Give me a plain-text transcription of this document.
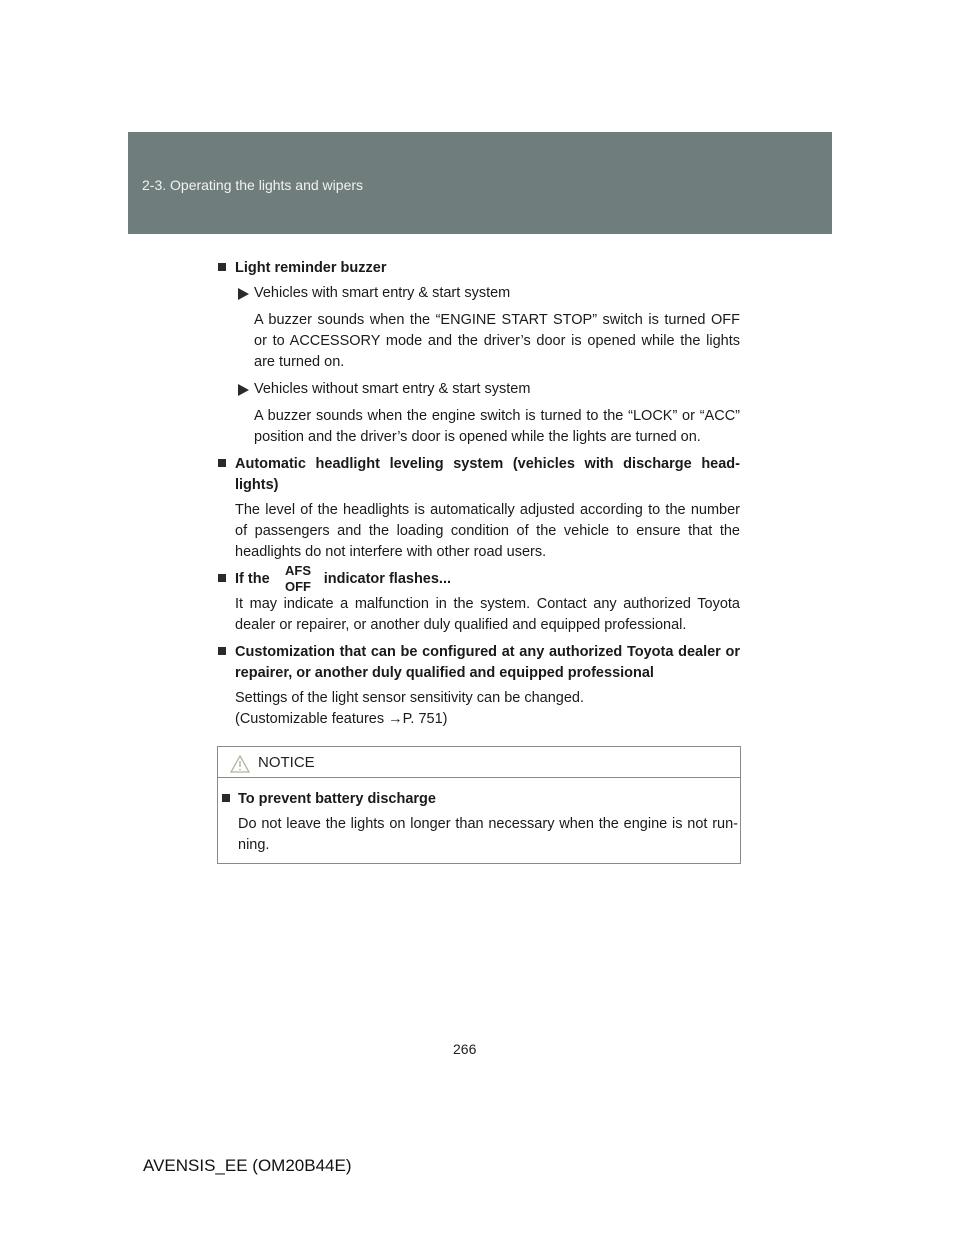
2-3. Operating the lights and wipers
Light reminder buzzer
Vehicles with smart entry & start system
A buzzer sounds when the “ENGINE START STOP” switch is turned OFF or to ACCESSORY mode and the driver’s door is opened while the lights are turned on.
Vehicles without smart entry & start system
A buzzer sounds when the engine switch is turned to the “LOCK” or “ACC” position and the driver’s door is opened while the lights are turned on.
Automatic headlight leveling system (vehicles with discharge head-lights)
The level of the headlights is automatically adjusted according to the number of passengers and the loading condition of the vehicle to ensure that the headlights do not interfere with other road users.
If the
AFS
OFF indicator flashes...
It may indicate a malfunction in the system. Contact any authorized Toyota dealer or repairer, or another duly qualified and equipped professional.
Customization that can be configured at any authorized Toyota dealer or repairer, or another duly qualified and equipped professional
Settings of the light sensor sensitivity can be changed.
(Customizable features →P. 751)
NOTICE
To prevent battery discharge
Do not leave the lights on longer than necessary when the engine is not run-ning.
266
AVENSIS_EE (OM20B44E)
